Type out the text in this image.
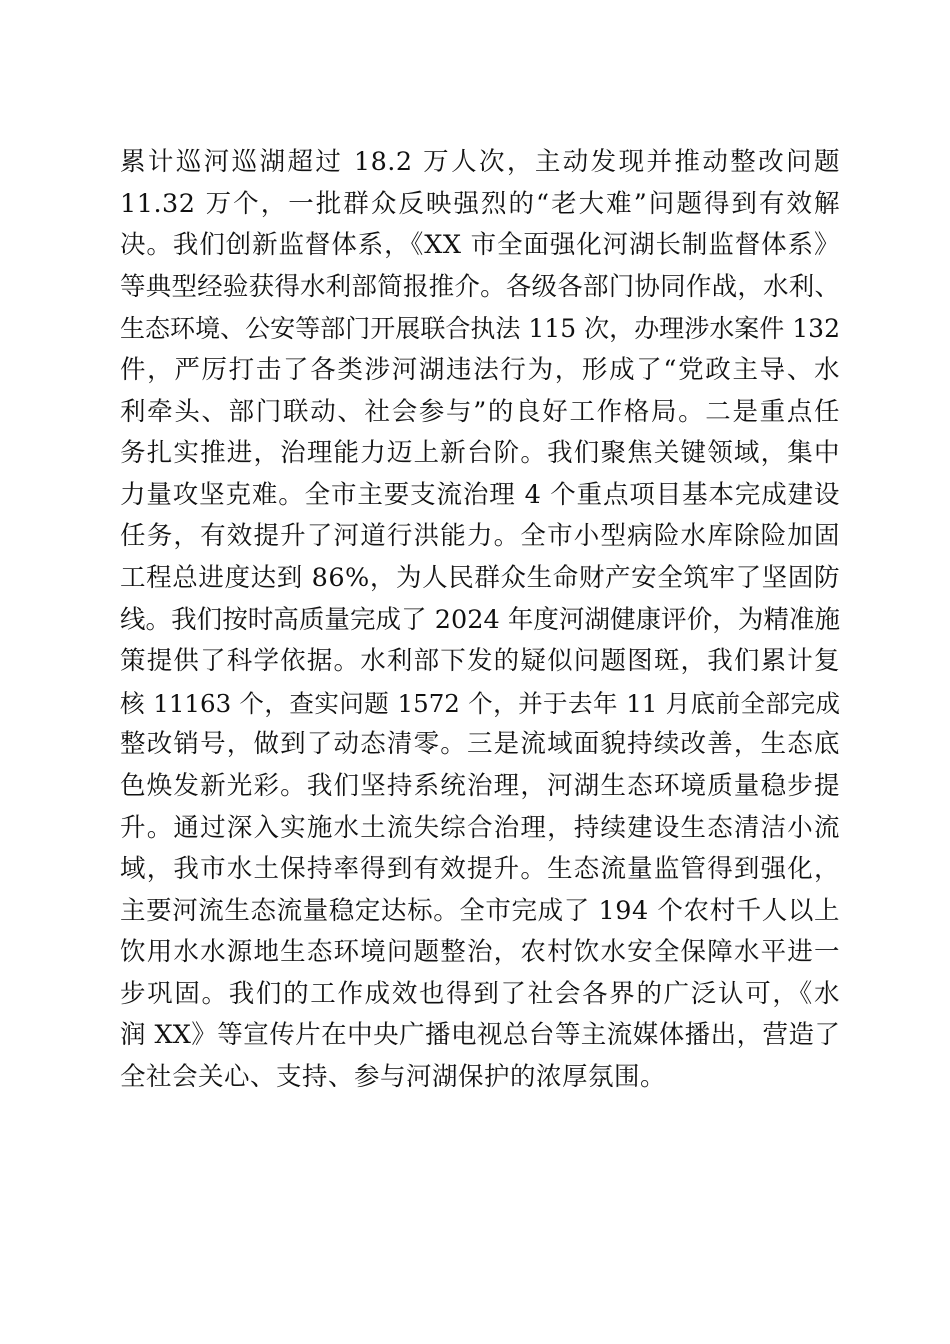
累计巡河巡湖超过 18.2 万人次，主动发现并推动整改问题
11.32 万个，一批群众反映强烈的“老大难”问题得到有效解
决。我们创新监督体系，《XX 市全面强化河湖长制监督体系》
等典型经验获得水利部简报推介。各级各部门协同作战，水利、
生态环境、公安等部门开展联合执法 115 次，办理涉水案件 132
件，严厉打击了各类涉河湖违法行为，形成了“党政主导、水
利牵头、部门联动、社会参与”的良好工作格局。二是重点任
务扎实推进，治理能力迈上新台阶。我们聚焦关键领域，集中
力量攻坚克难。全市主要支流治理 4 个重点项目基本完成建设
任务，有效提升了河道行洪能力。全市小型病险水库除险加固
工程总进度达到 86%，为人民群众生命财产安全筑牢了坚固防
线。我们按时高质量完成了 2024 年度河湖健康评价，为精准施
策提供了科学依据。水利部下发的疑似问题图斑，我们累计复
核 11163 个，查实问题 1572 个，并于去年 11 月底前全部完成
整改销号，做到了动态清零。三是流域面貌持续改善，生态底
色焕发新光彩。我们坚持系统治理，河湖生态环境质量稳步提
升。通过深入实施水土流失综合治理，持续建设生态清洁小流
域，我市水土保持率得到有效提升。生态流量监管得到强化，
主要河流生态流量稳定达标。全市完成了 194 个农村千人以上
饮用水水源地生态环境问题整治，农村饮水安全保障水平进一
步巩固。我们的工作成效也得到了社会各界的广泛认可，《水
润 XX》等宣传片在中央广播电视总台等主流媒体播出，营造了
全社会关心、支持、参与河湖保护的浓厚氛围。
